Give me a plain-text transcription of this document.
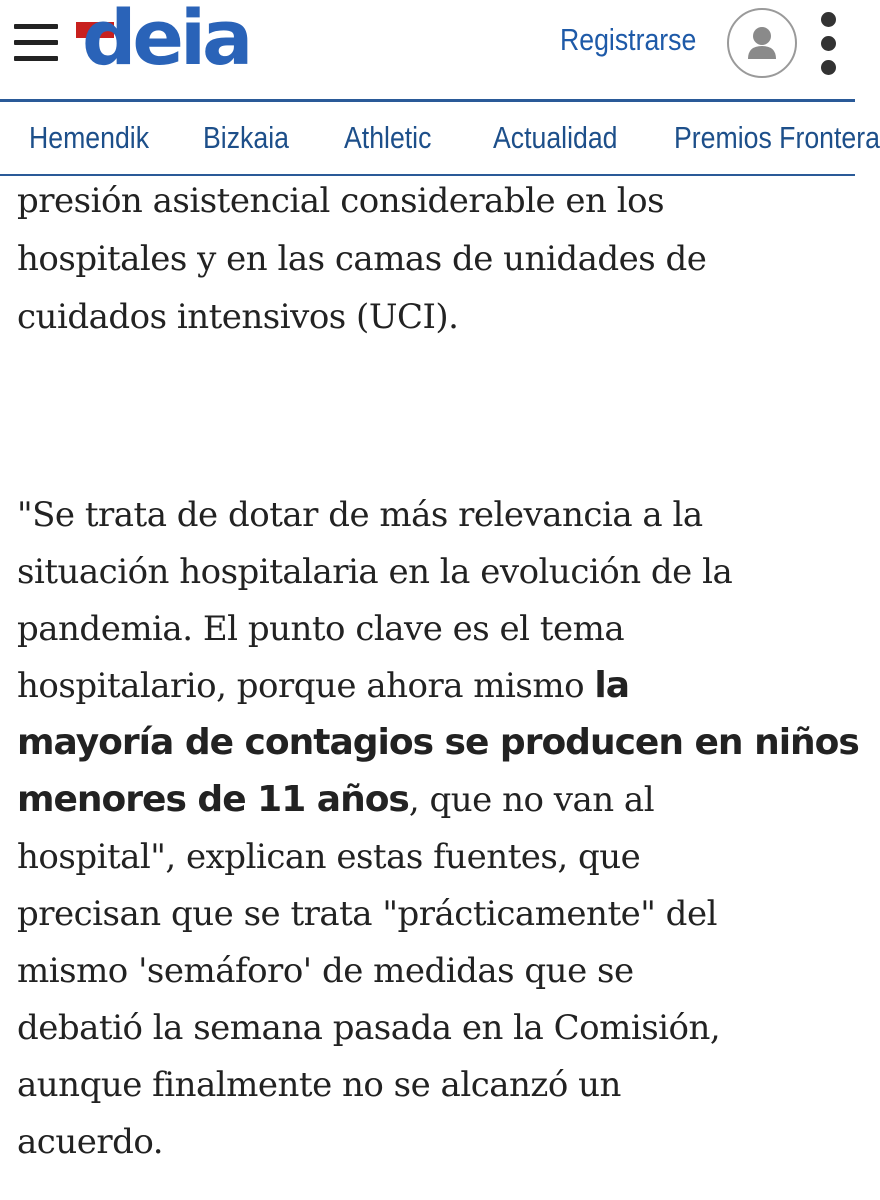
deia	Registrarse
Hemendik Bizkaia Athletic Actualidad Premios Frontera
presión asistencial considerable en los
hospitales y en las camas de unidades de
cuidados intensivos (UCI).
"Se trata de dotar de más relevancia a la
situación hospitalaria en la evolución de la
pandemia. El punto clave es el tema
hospitalario, porque ahora mismo la
mayoría de contagios se producen en niños
menores de 11 años, que no van al
hospital", explican estas fuentes, que
precisan que se trata "prácticamente" del
mismo 'semáforo' de medidas que se
debatió la semana pasada en la Comisión,
aunque finalmente no se alcanzó un
acuerdo.
